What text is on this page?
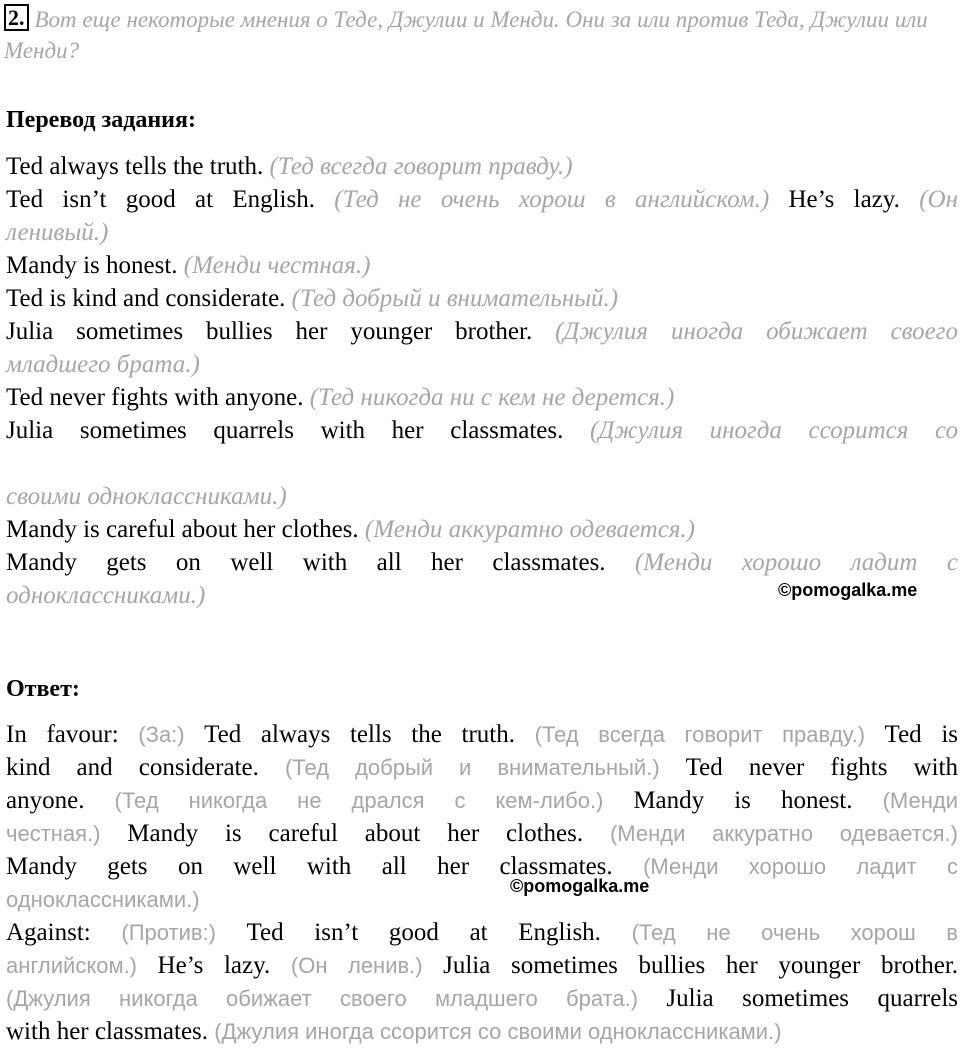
2. Вот еще некоторые мнения о Теде, Джулии и Менди. Они за или против Теда, Джулии или Менди?
Перевод задания:
Ted always tells the truth. (Тед всегда говорит правду.)
Ted isn’t good at English. (Тед не очень хорош в английском.) He’s lazy. (Он
ленивый.)
Mandy is honest. (Менди честная.)
Ted is kind and considerate. (Тед добрый и внимательный.)
Julia sometimes bullies her younger brother. (Джулия иногда обижает своего
младшего брата.)
Ted never fights with anyone. (Тед никогда ни с кем не дерется.)
Julia sometimes quarrels with her classmates. (Джулия иногда ссорится со
своими одноклассниками.)
Mandy is careful about her clothes. (Менди аккуратно одевается.)
Mandy gets on well with all her classmates. (Менди хорошо ладит с
одноклассниками.)	©pomogalka.me
Ответ:
In favour: (За:) Ted always tells the truth. (Тед всегда говорит правду.) Ted is
kind and considerate. (Тед добрый и внимательный.) Ted never fights with
anyone. (Тед никогда не дрался с кем-либо.) Mandy is honest. (Менди
честная.) Mandy is careful about her clothes. (Менди аккуратно одевается.)
Mandy gets on well with all her classmates. (Менди хорошо ладит с
одноклассниками.)
Against: (Против:) Ted isn’t good at English. (Тед не очень хорош в
английском.) He’s lazy. (Он ленив.) Julia sometimes bullies her younger brother.
(Джулия никогда обижает своего младшего брата.) Julia sometimes quarrels
with her classmates. (Джулия иногда ссорится со своими одноклассниками.)
©pomogalka.me
